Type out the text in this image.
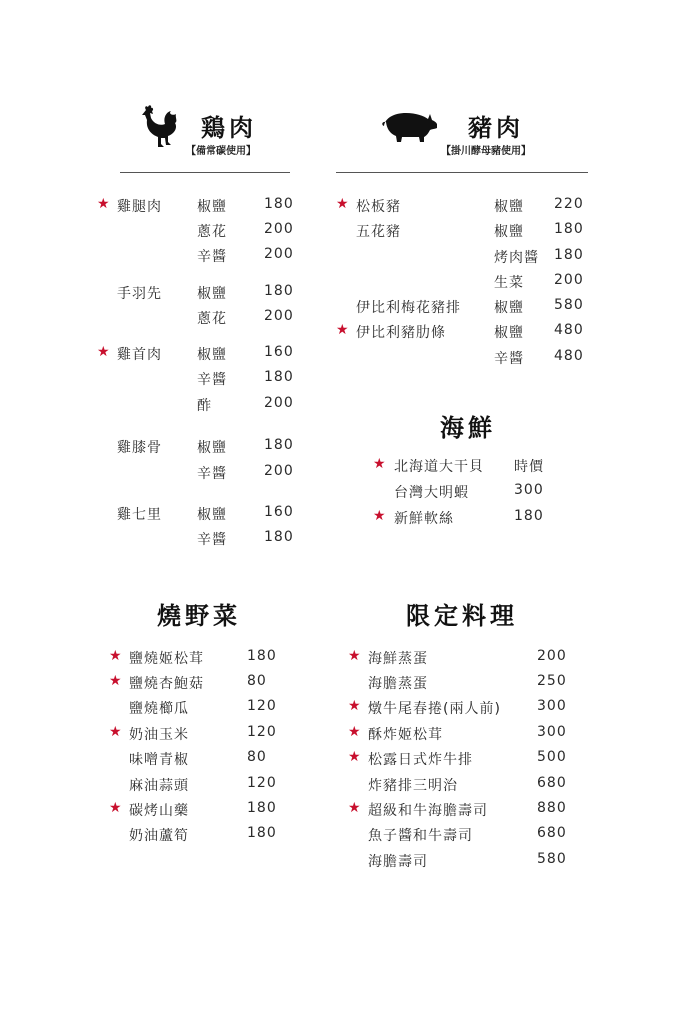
鶏肉
【備常碳使用】
豬肉
【掛川酵母豬使用】
★ 雞腿肉	椒鹽	180
蔥花	200
辛醬	200
手羽先	椒鹽	180
蔥花	200
★ 雞首肉	椒鹽	160
辛醬	180
酢	200
雞膝骨	椒鹽	180
辛醬	200
雞七里	椒鹽	160
辛醬	180
★ 松板豬	椒鹽 220
五花豬	椒鹽 180
烤肉醬 180
生菜 200
伊比利梅花豬排 椒鹽 580
★ 伊比利豬肋條	椒鹽 480
辛醬 480
海鮮
★ 北海道大干貝 時價
台灣大明蝦	300
★ 新鮮軟絲	180
燒野菜
★ 鹽燒姬松茸	180
★ 鹽燒杏鮑菇	80
鹽燒櫛瓜	120
★ 奶油玉米	120
味噌青椒	80
麻油蒜頭	120
★ 碳烤山藥	180
奶油蘆筍	180
限定料理
★ 海鮮蒸蛋	200
海膽蒸蛋	250
★ 燉牛尾春捲(兩人前)	300
★ 酥炸姬松茸	300
★ 松露日式炸牛排	500
炸豬排三明治	680
★ 超級和牛海膽壽司	880
魚子醬和牛壽司	680
海膽壽司	580
